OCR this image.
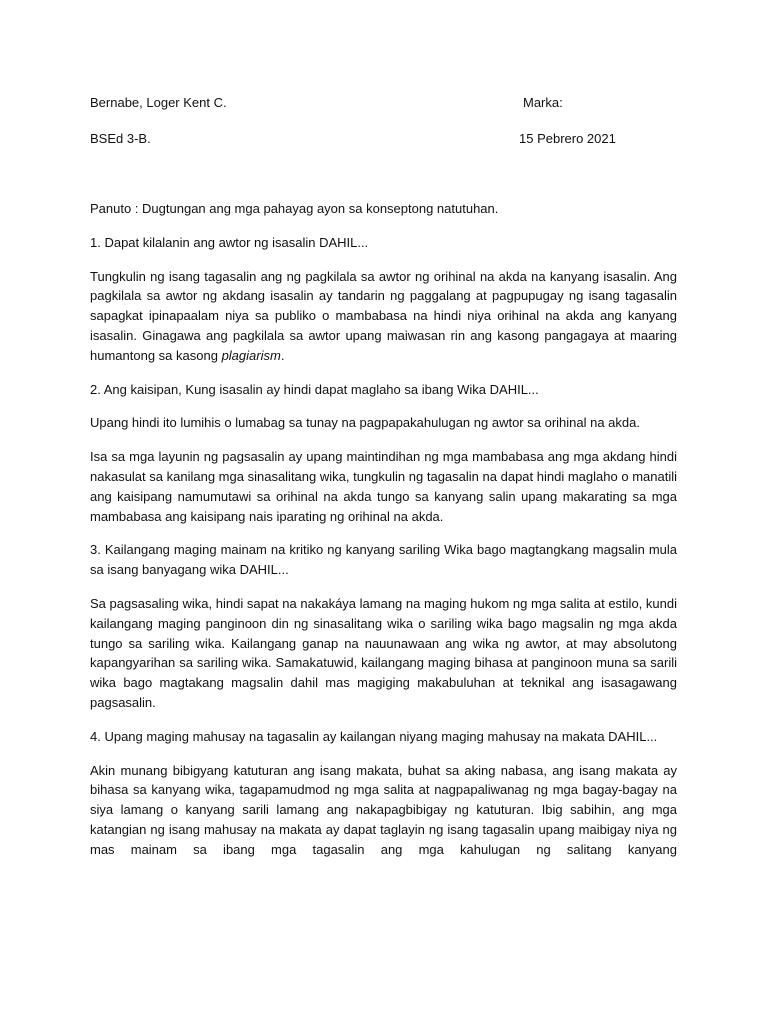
Bernabe, Loger Kent C.	Marka:
BSEd 3-B.	15 Pebrero 2021

Panuto : Dugtungan ang mga pahayag ayon sa konseptong natutuhan.

1. Dapat kilalanin ang awtor ng isasalin DAHIL...

Tungkulin ng isang tagasalin ang ng pagkilala sa awtor ng orihinal na akda na kanyang isasalin. Ang pagkilala sa awtor ng akdang isasalin ay tandarin ng paggalang at pagpupugay ng isang tagasalin sapagkat ipinapaalam niya sa publiko o mambabasa na hindi niya orihinal na akda ang kanyang isasalin. Ginagawa ang pagkilala sa awtor upang maiwasan rin ang kasong pangagaya at maaring humantong sa kasong plagiarism.

2. Ang kaisipan, Kung isasalin ay hindi dapat maglaho sa ibang Wika DAHIL...

Upang hindi ito lumihis o lumabag sa tunay na pagpapakahulugan ng awtor sa orihinal na akda.

Isa sa mga layunin ng pagsasalin ay upang maintindihan ng mga mambabasa ang mga akdang hindi nakasulat sa kanilang mga sinasalitang wika, tungkulin ng tagasalin na dapat hindi maglaho o manatili ang kaisipang namumutawi sa orihinal na akda tungo sa kanyang salin upang makarating sa mga mambabasa ang kaisipang nais iparating ng orihinal na akda.

3. Kailangang maging mainam na kritiko ng kanyang sariling Wika bago magtangkang magsalin mula sa isang banyagang wika DAHIL...

Sa pagsasaling wika, hindi sapat na nakakáya lamang na maging hukom ng mga salita at estilo, kundi kailangang maging panginoon din ng sinasalitang wika o sariling wika bago magsalin ng mga akda tungo sa sariling wika. Kailangang ganap na nauunawaan ang wika ng awtor, at may absolutong kapangyarihan sa sariling wika. Samakatuwid, kailangang maging bihasa at panginoon muna sa sarili wika bago magtakang magsalin dahil mas magiging makabuluhan at teknikal ang isasagawang pagsasalin.

4. Upang maging mahusay na tagasalin ay kailangan niyang maging mahusay na makata DAHIL...

Akin munang bibigyang katuturan ang isang makata, buhat sa aking nabasa, ang isang makata ay bihasa sa kanyang wika, tagapamudmod ng mga salita at nagpapaliwanag ng mga bagay-bagay na siya lamang o kanyang sarili lamang ang nakapagbibigay ng katuturan. Ibig sabihin, ang mga katangian ng isang mahusay na makata ay dapat taglayin ng isang tagasalin upang maibigay niya ng mas mainam sa ibang mga tagasalin ang mga kahulugan ng salitang kanyang
